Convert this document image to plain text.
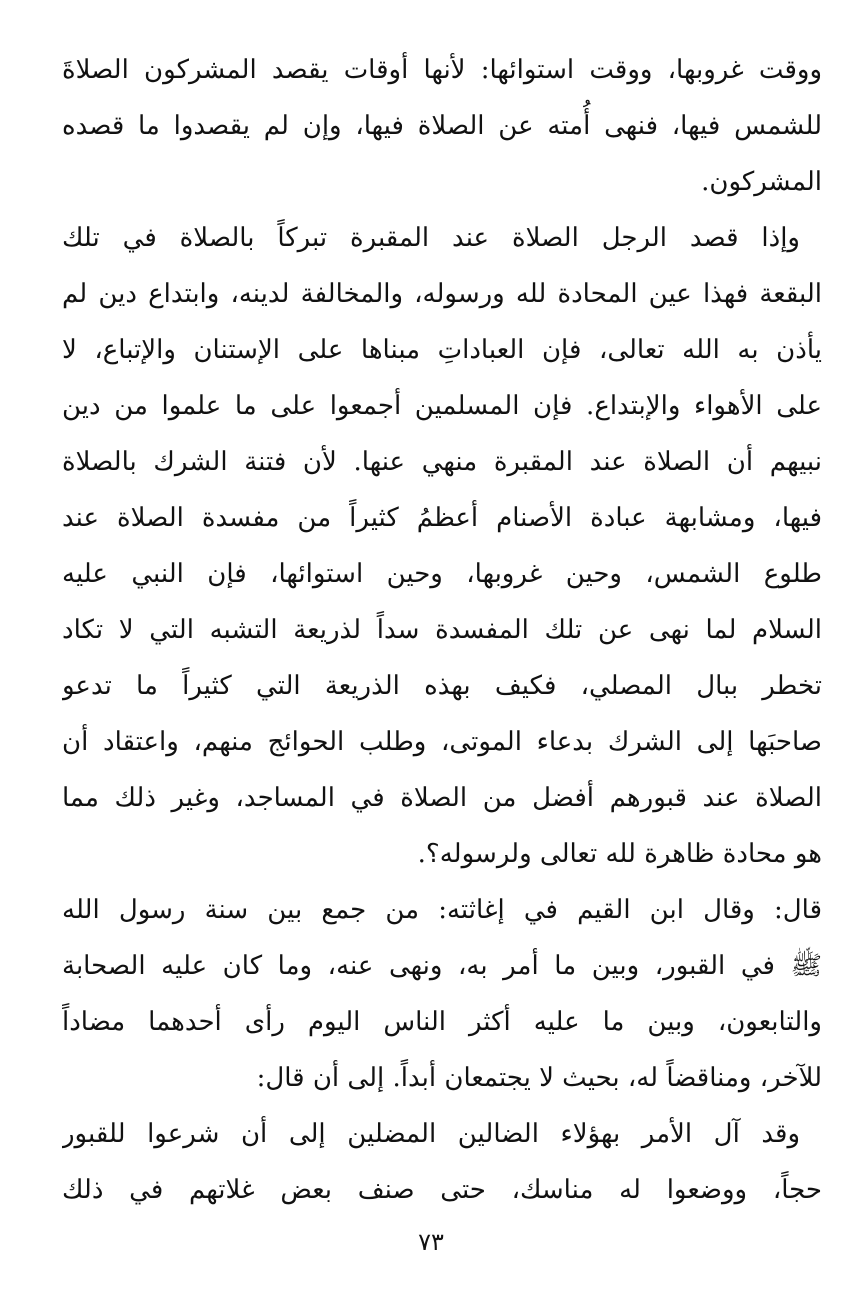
ووقت غروبها، ووقت استوائها: لأنها أوقات يقصد المشركون الصلاةَ
للشمس فيها، فنهى أُمته عن الصلاة فيها، وإن لم يقصدوا ما قصده
المشركون.
وإذا قصد الرجل الصلاة عند المقبرة تبركاً بالصلاة في تلك
البقعة فهذا عين المحادة لله ورسوله، والمخالفة لدينه، وابتداع دين لم
يأذن به الله تعالى، فإن العباداتِ مبناها على الإستنان والإتباع، لا
على الأهواء والإبتداع. فإن المسلمين أجمعوا على ما علموا من دين
نبيهم أن الصلاة عند المقبرة منهي عنها. لأن فتنة الشرك بالصلاة
فيها، ومشابهة عبادة الأصنام أعظمُ كثيراً من مفسدة الصلاة عند
طلوع الشمس، وحين غروبها، وحين استوائها، فإن النبي عليه
السلام لما نهى عن تلك المفسدة سداً لذريعة التشبه التي لا تكاد
تخطر ببال المصلي، فكيف بهذه الذريعة التي كثيراً ما تدعو
صاحبَها إلى الشرك بدعاء الموتى، وطلب الحوائج منهم، واعتقاد أن
الصلاة عند قبورهم أفضل من الصلاة في المساجد، وغير ذلك مما
هو محادة ظاهرة لله تعالى ولرسوله؟.
قال: وقال ابن القيم في إغاثته: من جمع بين سنة رسول الله
ﷺ في القبور، وبين ما أمر به، ونهى عنه، وما كان عليه الصحابة
والتابعون، وبين ما عليه أكثر الناس اليوم رأى أحدهما مضاداً
للآخر، ومناقضاً له، بحيث لا يجتمعان أبداً. إلى أن قال:
وقد آل الأمر بهؤلاء الضالين المضلين إلى أن شرعوا للقبور
حجاً، ووضعوا له مناسك، حتى صنف بعض غلاتهم في ذلك
٧٣
